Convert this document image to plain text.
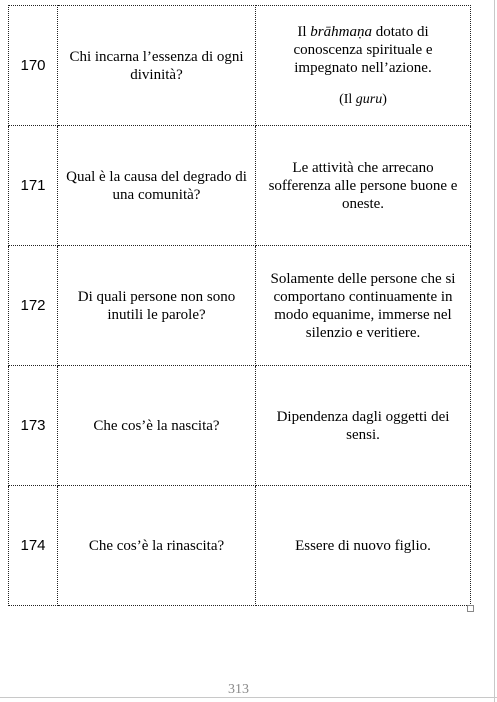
170	Chi incarna l’essenza di ogni divinità?	Il brāhmaṇa dotato di conoscenza spirituale e impegnato nell’azione.
(Il guru)

171	Qual è la causa del degrado di una comunità?	Le attività che arrecano sofferenza alle persone buone e oneste.
172	Di quali persone non sono inutili le parole?	Solamente delle persone che si comportano continuamente in modo equanime, immerse nel silenzio e veritiere.
173	Che cos’è la nascita?	Dipendenza dagli oggetti dei sensi.
174	Che cos’è la rinascita?	Essere di nuovo figlio.
313
